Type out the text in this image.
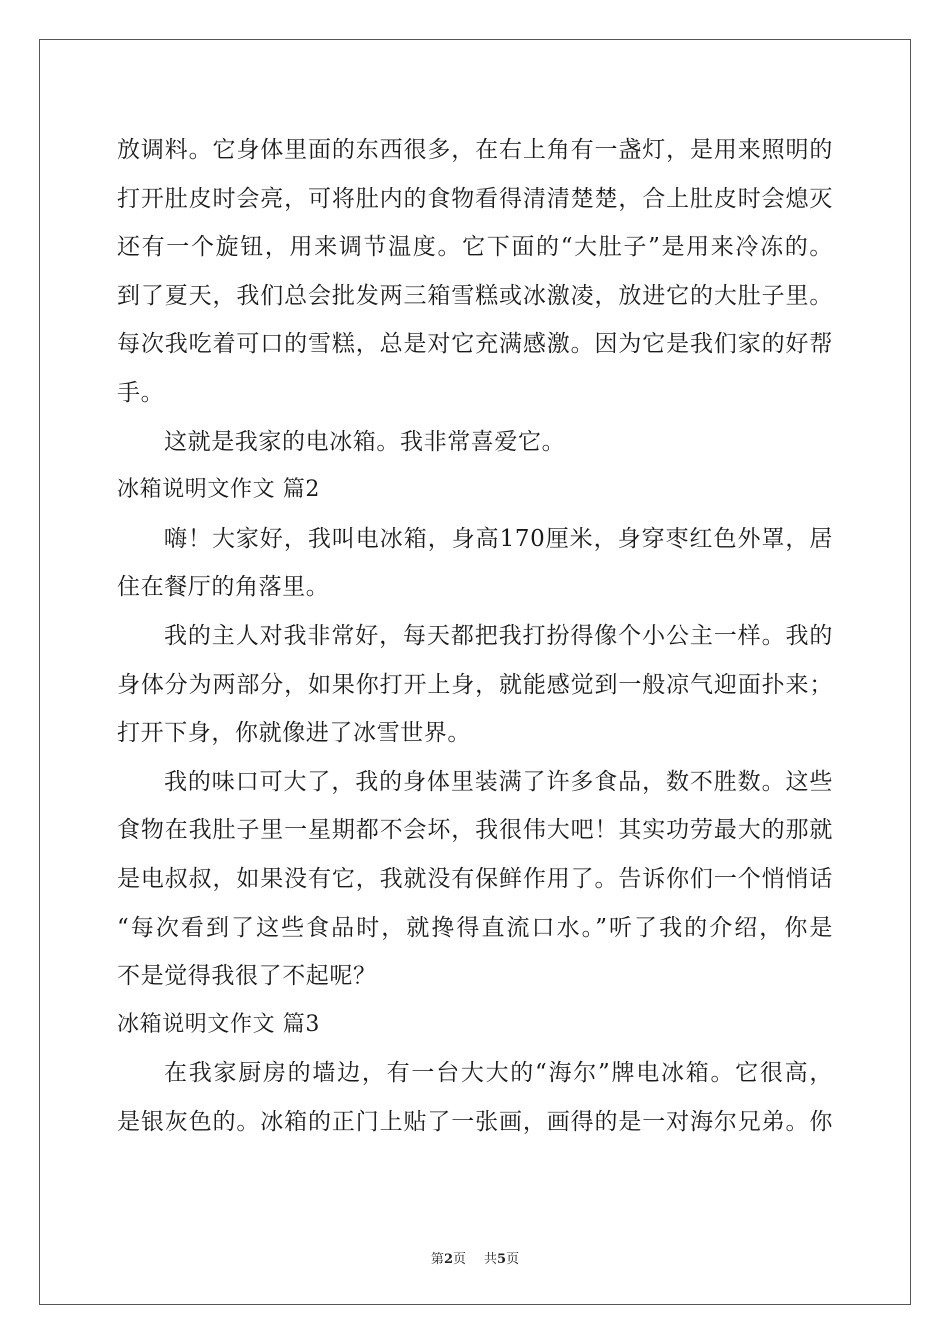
放调料。它身体里面的东西很多，在右上角有一盏灯，是用来照明的
打开肚皮时会亮，可将肚内的食物看得清清楚楚，合上肚皮时会熄灭
还有一个旋钮，用来调节温度。它下面的“大肚子”是用来冷冻的。
到了夏天，我们总会批发两三箱雪糕或冰激凌，放进它的大肚子里。
每次我吃着可口的雪糕，总是对它充满感激。因为它是我们家的好帮
手。
这就是我家的电冰箱。我非常喜爱它。
冰箱说明文作文 篇2
嗨！大家好，我叫电冰箱，身高170厘米，身穿枣红色外罩，居
住在餐厅的角落里。
我的主人对我非常好，每天都把我打扮得像个小公主一样。我的
身体分为两部分，如果你打开上身，就能感觉到一般凉气迎面扑来；
打开下身，你就像进了冰雪世界。
我的味口可大了，我的身体里装满了许多食品，数不胜数。这些
食物在我肚子里一星期都不会坏，我很伟大吧！其实功劳最大的那就
是电叔叔，如果没有它，我就没有保鲜作用了。告诉你们一个悄悄话
“每次看到了这些食品时，就搀得直流口水。”听了我的介绍，你是
不是觉得我很了不起呢？
冰箱说明文作文 篇3
在我家厨房的墙边，有一台大大的“海尔”牌电冰箱。它很高，
是银灰色的。冰箱的正门上贴了一张画，画得的是一对海尔兄弟。你
第2页 共5页
